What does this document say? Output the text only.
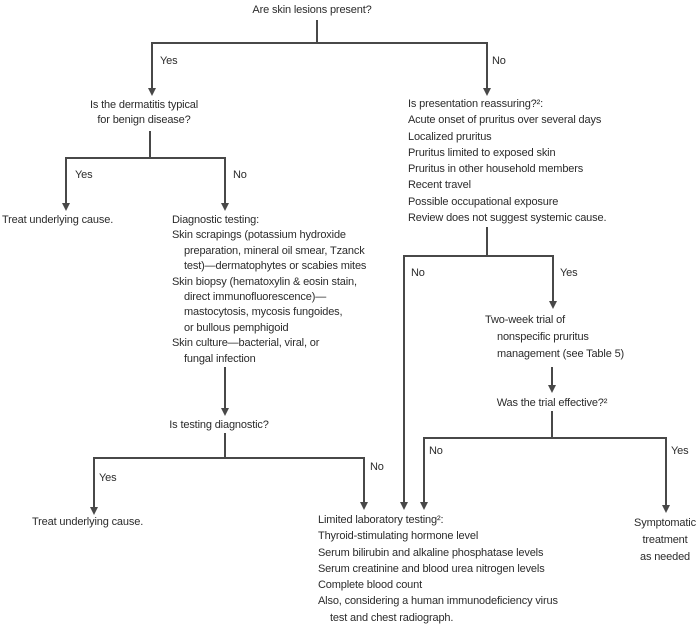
Yes	No
Yes	No
Yes
No
No	Yes
No	Yes
Are skin lesions present?
Is the dermatitis typical
for benign disease?
Treat underlying cause.	Diagnostic testing:
Skin scrapings (potassium hydroxide
preparation, mineral oil smear, Tzanck
test)—dermatophytes or scabies mites
Skin biopsy (hematoxylin & eosin stain,
direct immunofluorescence)—
mastocytosis, mycosis fungoides,
or bullous pemphigoid
Skin culture—bacterial, viral, or
fungal infection
Is testing diagnostic?
Treat underlying cause.
Is presentation reassuring?²:
Acute onset of pruritus over several days
Localized pruritus
Pruritus limited to exposed skin
Pruritus in other household members
Recent travel
Possible occupational exposure
Review does not suggest systemic cause.
Two-week trial of
nonspecific pruritus
management (see Table 5)
Was the trial effective?²
Symptomatic
treatment
as needed
Limited laboratory testing²:
Thyroid-stimulating hormone level
Serum bilirubin and alkaline phosphatase levels
Serum creatinine and blood urea nitrogen levels
Complete blood count
Also, considering a human immunodeficiency virus
test and chest radiograph.
